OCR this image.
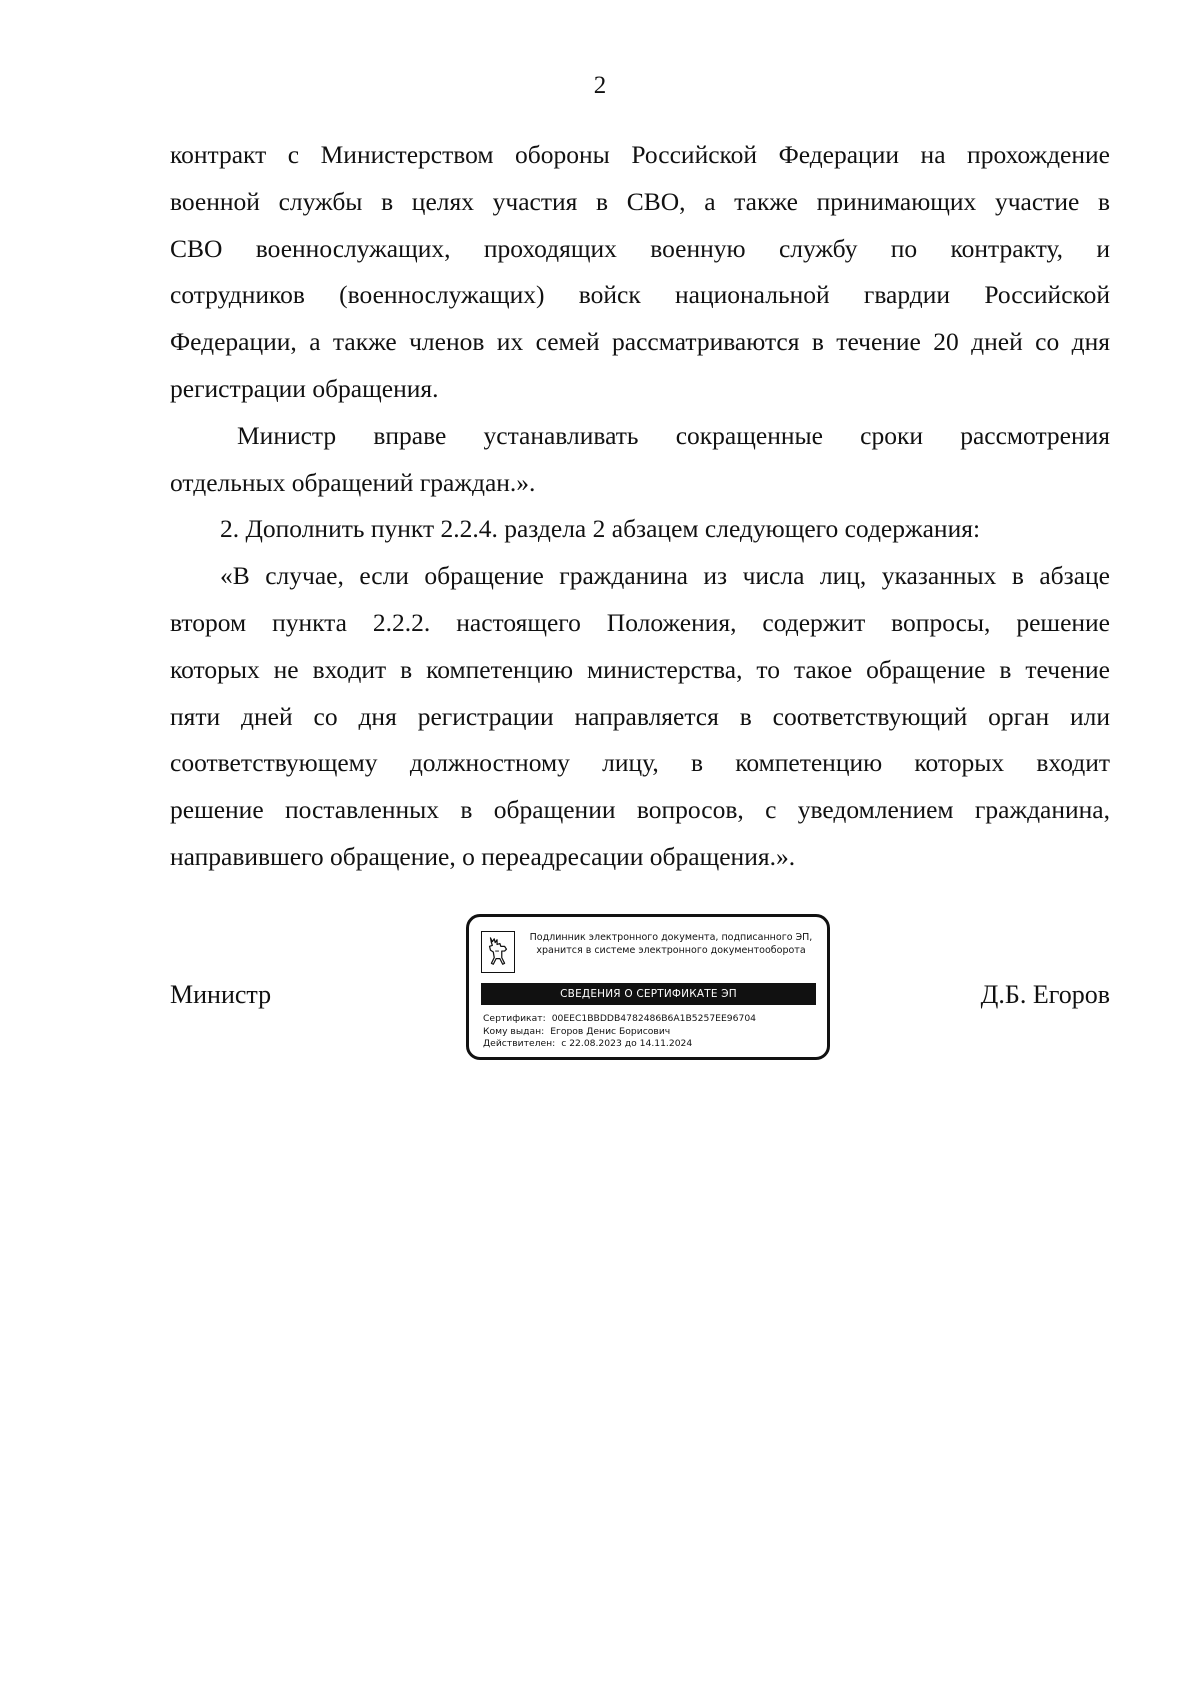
2

контракт с Министерством обороны Российской Федерации на прохождение
военной службы в целях участия в СВО, а также принимающих участие в
СВО военнослужащих, проходящих военную службу по контракту, и
сотрудников (военнослужащих) войск национальной гвардии Российской
Федерации, а также членов их семей рассматриваются в течение 20 дней со дня
регистрации обращения.

Министр вправе устанавливать сокращенные сроки рассмотрения
отдельных обращений граждан.».

2. Дополнить пункт 2.2.4. раздела 2 абзацем следующего содержания:

«В случае, если обращение гражданина из числа лиц, указанных в абзаце
втором пункта 2.2.2. настоящего Положения, содержит вопросы, решение
которых не входит в компетенцию министерства, то такое обращение в течение
пяти дней со дня регистрации направляется в соответствующий орган или
соответствующему должностному лицу, в компетенцию которых входит
решение поставленных в обращении вопросов, с уведомлением гражданина,
направившего обращение, о переадресации обращения.».

Министр	Д.Б. Егоров
Подлинник электронного документа, подписанного ЭП,
хранится в системе электронного документооборота
СВЕДЕНИЯ О СЕРТИФИКАТЕ ЭП
Сертификат: 00EEC1BBDDB4782486B6A1B5257EE96704
Кому выдан: Егоров Денис Борисович
Действителен: с 22.08.2023 до 14.11.2024
